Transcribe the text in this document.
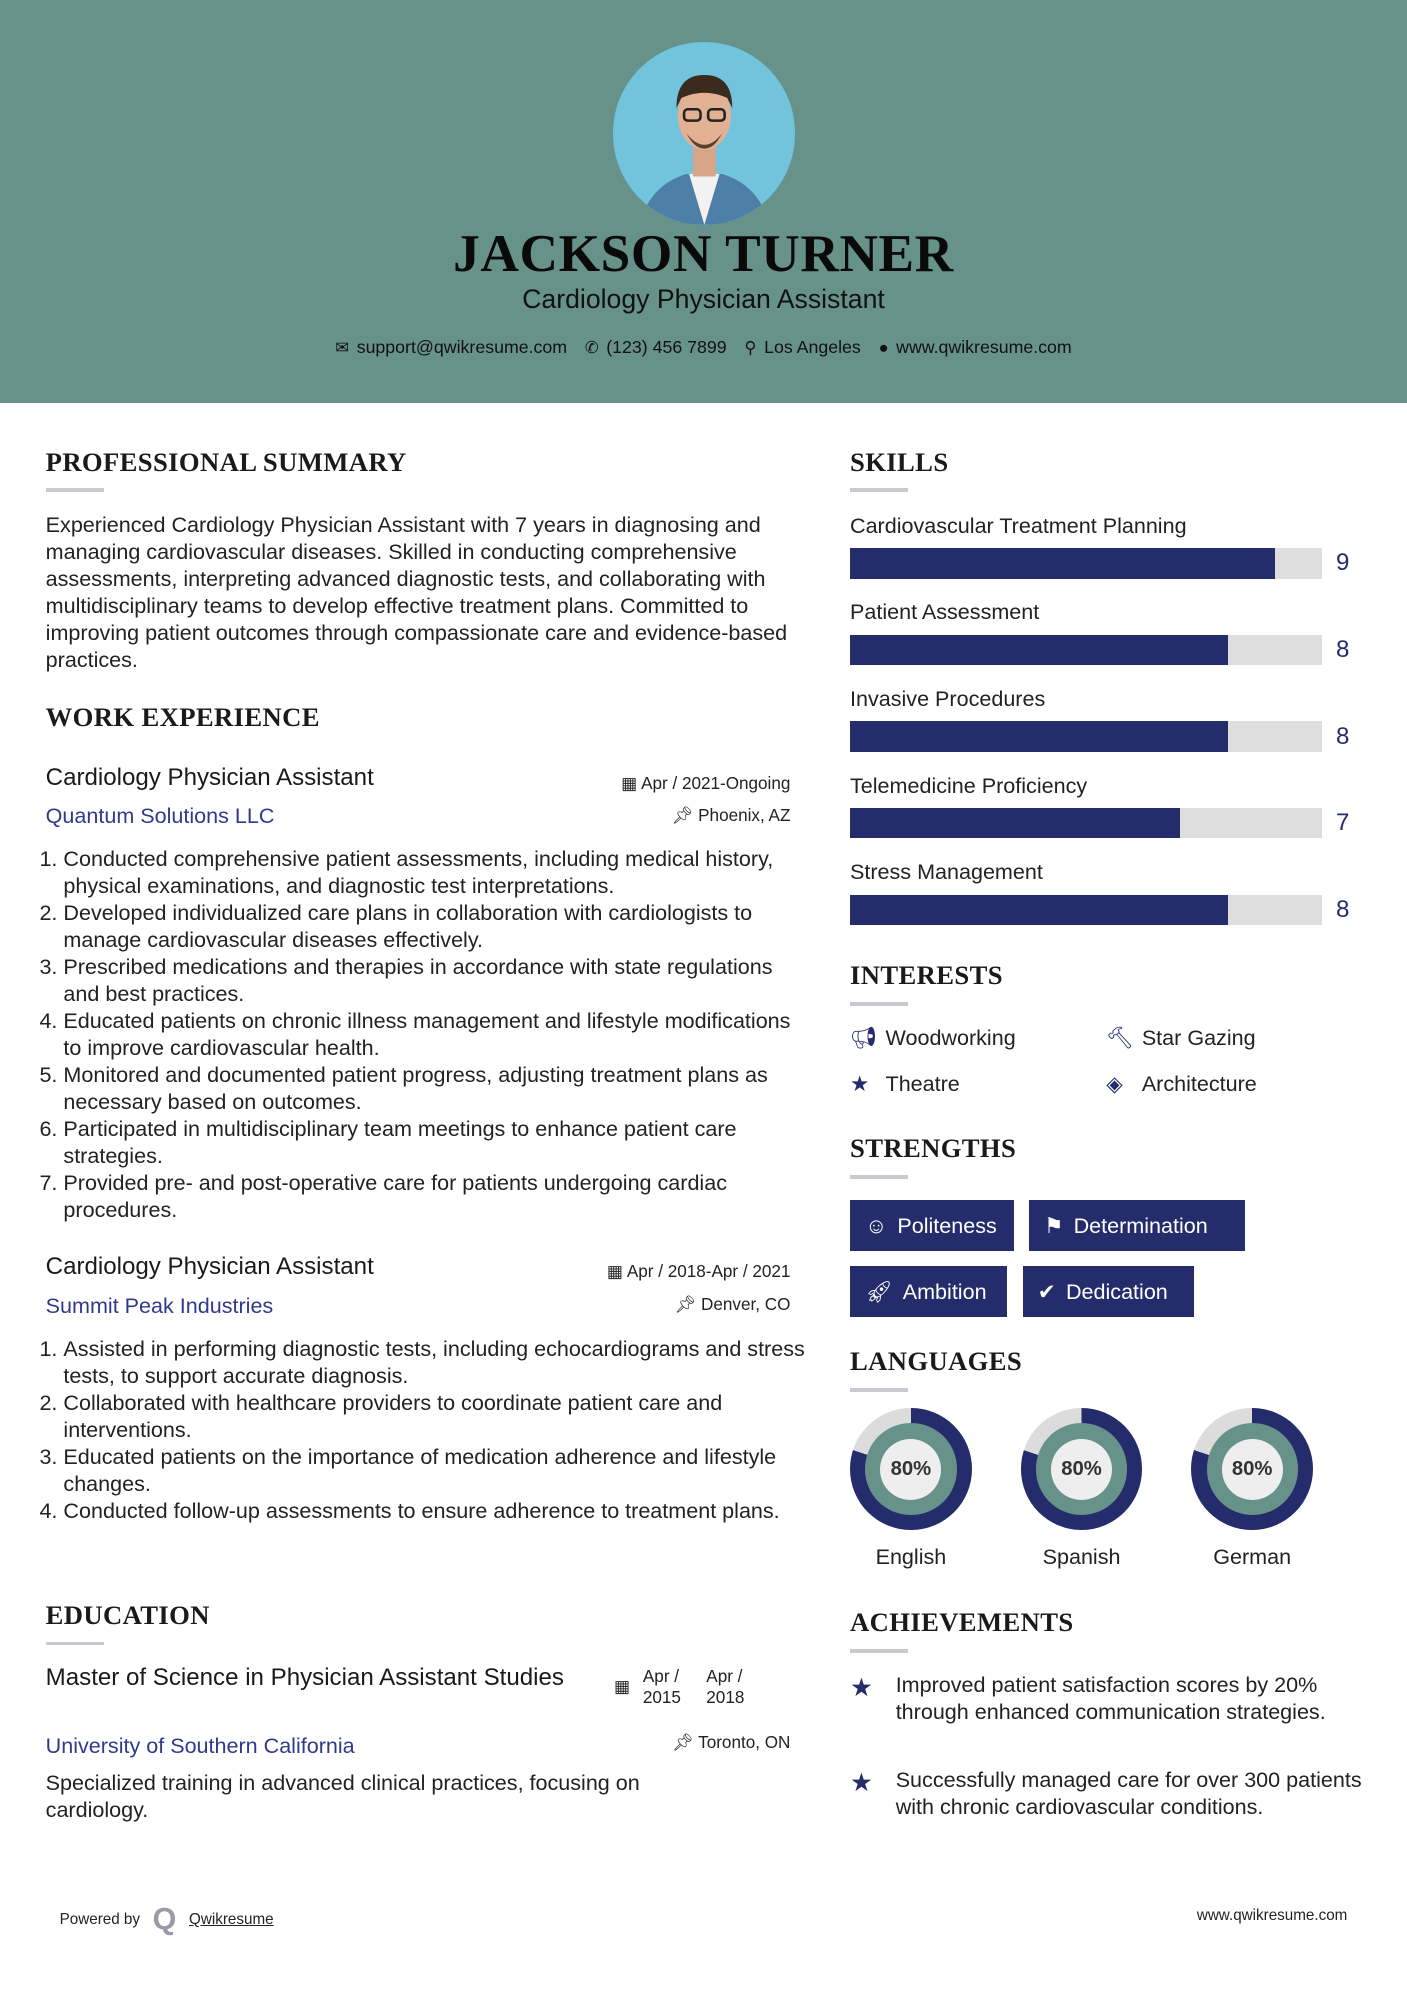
JACKSON TURNER
Cardiology Physician Assistant
✉ support@qwikresume.com ✆ (123) 456 7899 ⚲ Los Angeles ● www.qwikresume.com
PROFESSIONAL SUMMARY
Experienced Cardiology Physician Assistant with 7 years in diagnosing and managing cardiovascular diseases. Skilled in conducting comprehensive assessments, interpreting advanced diagnostic tests, and collaborating with multidisciplinary teams to develop effective treatment plans. Committed to improving patient outcomes through compassionate care and evidence-based practices.
WORK EXPERIENCE
Cardiology Physician Assistant	▦ Apr / 2021-Ongoing
Quantum Solutions LLC	📌︎ Phoenix, AZ
1. Conducted comprehensive patient assessments, including medical history, physical examinations, and diagnostic test interpretations.
2. Developed individualized care plans in collaboration with cardiologists to manage cardiovascular diseases effectively.
3. Prescribed medications and therapies in accordance with state regulations and best practices.
4. Educated patients on chronic illness management and lifestyle modifications to improve cardiovascular health.
5. Monitored and documented patient progress, adjusting treatment plans as necessary based on outcomes.
6. Participated in multidisciplinary team meetings to enhance patient care strategies.
7. Provided pre- and post-operative care for patients undergoing cardiac procedures.
Cardiology Physician Assistant	▦ Apr / 2018-Apr / 2021
Summit Peak Industries	📌︎ Denver, CO
1. Assisted in performing diagnostic tests, including echocardiograms and stress tests, to support accurate diagnosis.
2. Collaborated with healthcare providers to coordinate patient care and interventions.
3. Educated patients on the importance of medication adherence and lifestyle changes.
4. Conducted follow-up assessments to ensure adherence to treatment plans.
EDUCATION
Master of Science in Physician Assistant Studies	▦
Apr / 2015
Apr / 2018
University of Southern California	📌︎ Toronto, ON
Specialized training in advanced clinical practices, focusing on cardiology.
SKILLS
Cardiovascular Treatment Planning
9
Patient Assessment
8
Invasive Procedures
8
Telemedicine Proficiency
7
Stress Management
8
INTERESTS
📢︎ Woodworking	🔨︎ Star Gazing
★ Theatre	◈ Architecture
STRENGTHS
☺ Politeness	⚑ Determination
🚀︎ Ambition	✔ Dedication
LANGUAGES
80%
English
80%
Spanish
80%
German
ACHIEVEMENTS
★ Improved patient satisfaction scores by 20% through enhanced communication strategies.
★ Successfully managed care for over 300 patients with chronic cardiovascular conditions.
Powered by Q Qwikresume	www.qwikresume.com
